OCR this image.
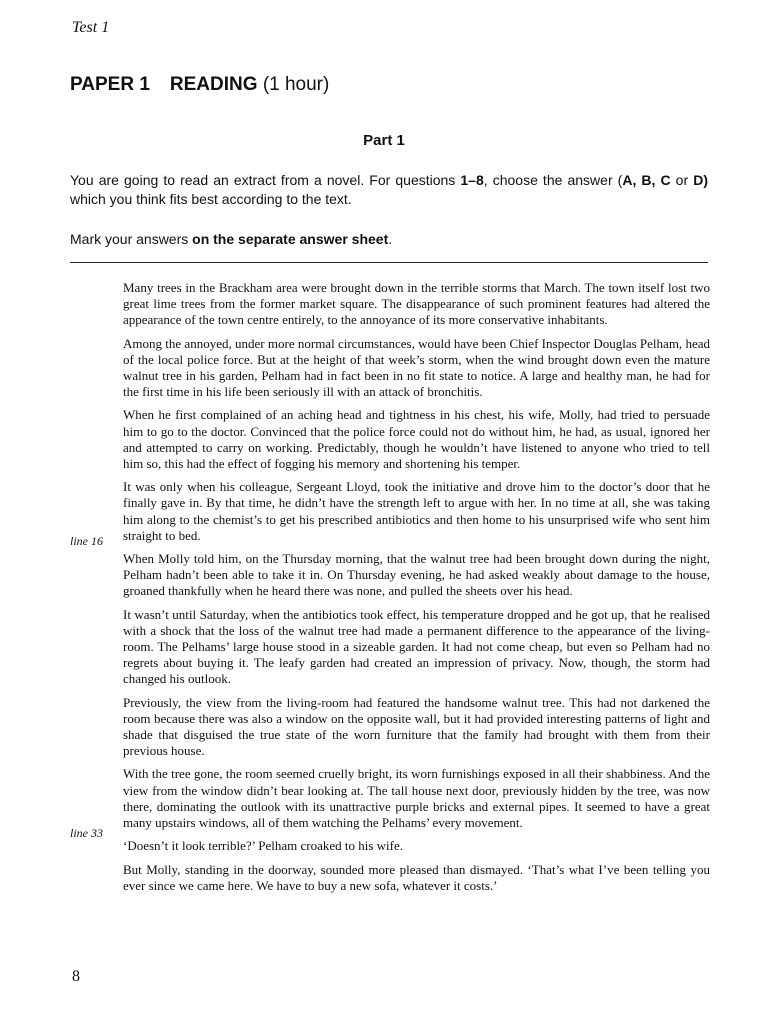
Test 1
PAPER 1 READING (1 hour)
Part 1
You are going to read an extract from a novel. For questions 1–8, choose the answer (A, B, C or D) which you think fits best according to the text.
Mark your answers on the separate answer sheet.

Many trees in the Brackham area were brought down in the terrible storms that March. The town itself lost two great lime trees from the former market square. The disappearance of such prominent features had altered the appearance of the town centre entirely, to the annoyance of its more conservative inhabitants.

Among the annoyed, under more normal circumstances, would have been Chief Inspector Douglas Pelham, head of the local police force. But at the height of that week’s storm, when the wind brought down even the mature walnut tree in his garden, Pelham had in fact been in no fit state to notice. A large and healthy man, he had for the first time in his life been seriously ill with an attack of bronchitis.

When he first complained of an aching head and tightness in his chest, his wife, Molly, had tried to persuade him to go to the doctor. Convinced that the police force could not do without him, he had, as usual, ignored her and attempted to carry on working. Predictably, though he wouldn’t have listened to anyone who tried to tell him so, this had the effect of fogging his memory and shortening his temper.

It was only when his colleague, Sergeant Lloyd, took the initiative and drove him to the doctor’s door that he finally gave in. By that time, he didn’t have the strength left to argue with her. In no time at all, she was taking him along to the chemist’s to get his prescribed antibiotics and then home to his unsurprised wife who sent him straight to bed.

When Molly told him, on the Thursday morning, that the walnut tree had been brought down during the night, Pelham hadn’t been able to take it in. On Thursday evening, he had asked weakly about damage to the house, groaned thankfully when he heard there was none, and pulled the sheets over his head.

It wasn’t until Saturday, when the antibiotics took effect, his temperature dropped and he got up, that he realised with a shock that the loss of the walnut tree had made a permanent difference to the appearance of the living-room. The Pelhams’ large house stood in a sizeable garden. It had not come cheap, but even so Pelham had no regrets about buying it. The leafy garden had created an impression of privacy. Now, though, the storm had changed his outlook.

Previously, the view from the living-room had featured the handsome walnut tree. This had not darkened the room because there was also a window on the opposite wall, but it had provided interesting patterns of light and shade that disguised the true state of the worn furniture that the family had brought with them from their previous house.

With the tree gone, the room seemed cruelly bright, its worn furnishings exposed in all their shabbiness. And the view from the window didn’t bear looking at. The tall house next door, previously hidden by the tree, was now there, dominating the outlook with its unattractive purple bricks and external pipes. It seemed to have a great many upstairs windows, all of them watching the Pelhams’ every movement.

‘Doesn’t it look terrible?’ Pelham croaked to his wife.

But Molly, standing in the doorway, sounded more pleased than dismayed. ‘That’s what I’ve been telling you ever since we came here. We have to buy a new sofa, whatever it costs.’

line 16
line 33
8
